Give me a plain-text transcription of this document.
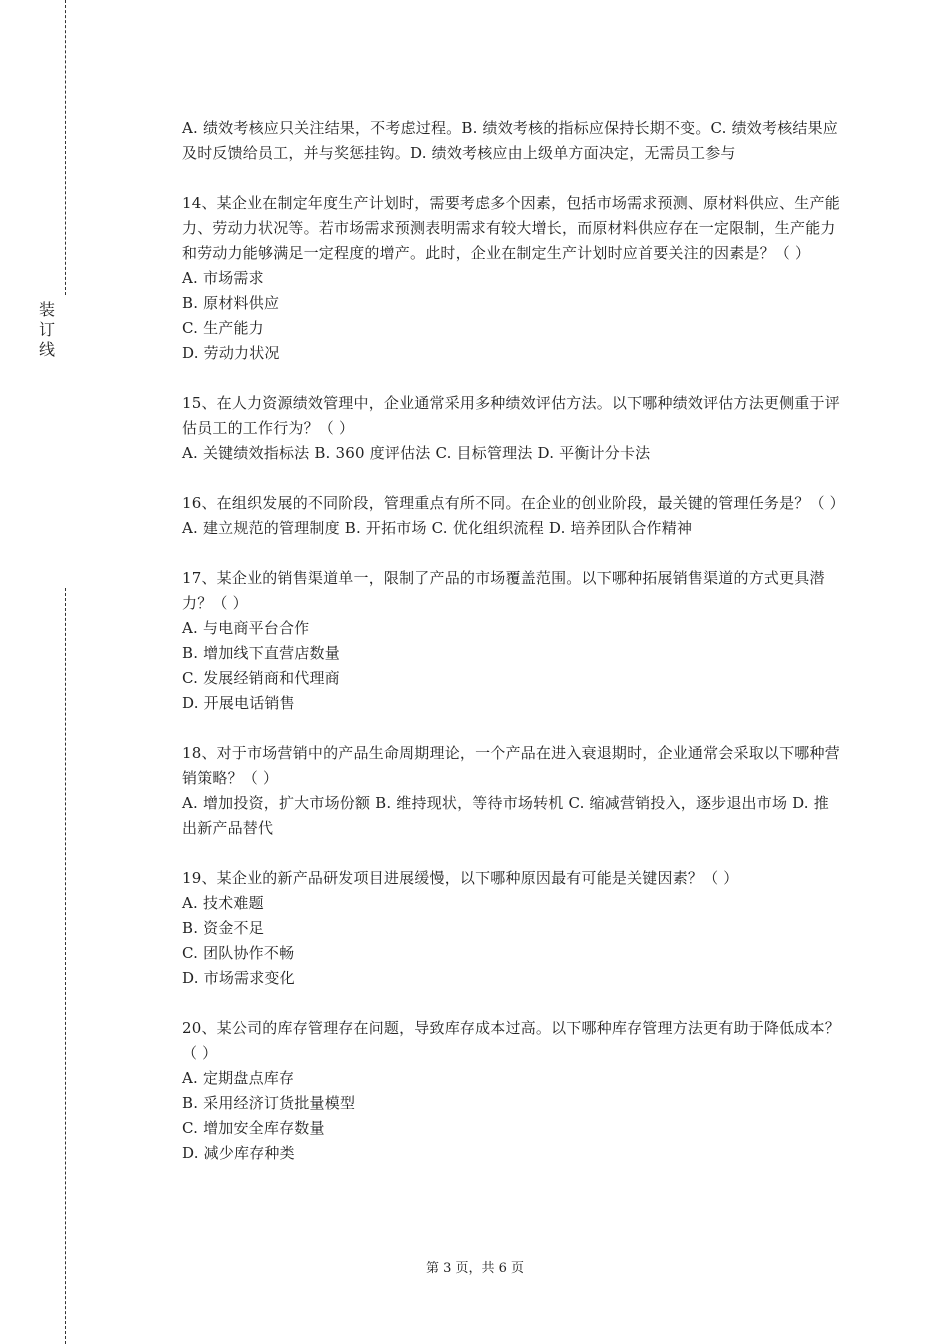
装
订
线

A. 绩效考核应只关注结果，不考虑过程。B. 绩效考核的指标应保持长期不变。C. 绩效考核结果应及时反馈给员工，并与奖惩挂钩。D. 绩效考核应由上级单方面决定，无需员工参与

14、某企业在制定年度生产计划时，需要考虑多个因素，包括市场需求预测、原材料供应、生产能力、劳动力状况等。若市场需求预测表明需求有较大增长，而原材料供应存在一定限制，生产能力和劳动力能够满足一定程度的增产。此时，企业在制定生产计划时应首要关注的因素是？（ ）

A. 市场需求

B. 原材料供应

C. 生产能力

D. 劳动力状况

15、在人力资源绩效管理中，企业通常采用多种绩效评估方法。以下哪种绩效评估方法更侧重于评估员工的工作行为？（ ）

A. 关键绩效指标法 B. 360 度评估法 C. 目标管理法 D. 平衡计分卡法

16、在组织发展的不同阶段，管理重点有所不同。在企业的创业阶段，最关键的管理任务是？（ ）

A. 建立规范的管理制度 B. 开拓市场 C. 优化组织流程 D. 培养团队合作精神

17、某企业的销售渠道单一，限制了产品的市场覆盖范围。以下哪种拓展销售渠道的方式更具潜力？（ ）

A. 与电商平台合作

B. 增加线下直营店数量

C. 发展经销商和代理商

D. 开展电话销售

18、对于市场营销中的产品生命周期理论，一个产品在进入衰退期时，企业通常会采取以下哪种营销策略？（ ）

A. 增加投资，扩大市场份额 B. 维持现状，等待市场转机 C. 缩减营销投入，逐步退出市场 D. 推出新产品替代

19、某企业的新产品研发项目进展缓慢，以下哪种原因最有可能是关键因素？（ ）

A. 技术难题

B. 资金不足

C. 团队协作不畅

D. 市场需求变化

20、某公司的库存管理存在问题，导致库存成本过高。以下哪种库存管理方法更有助于降低成本？（ ）

A. 定期盘点库存

B. 采用经济订货批量模型

C. 增加安全库存数量

D. 减少库存种类

第 3 页，共 6 页
